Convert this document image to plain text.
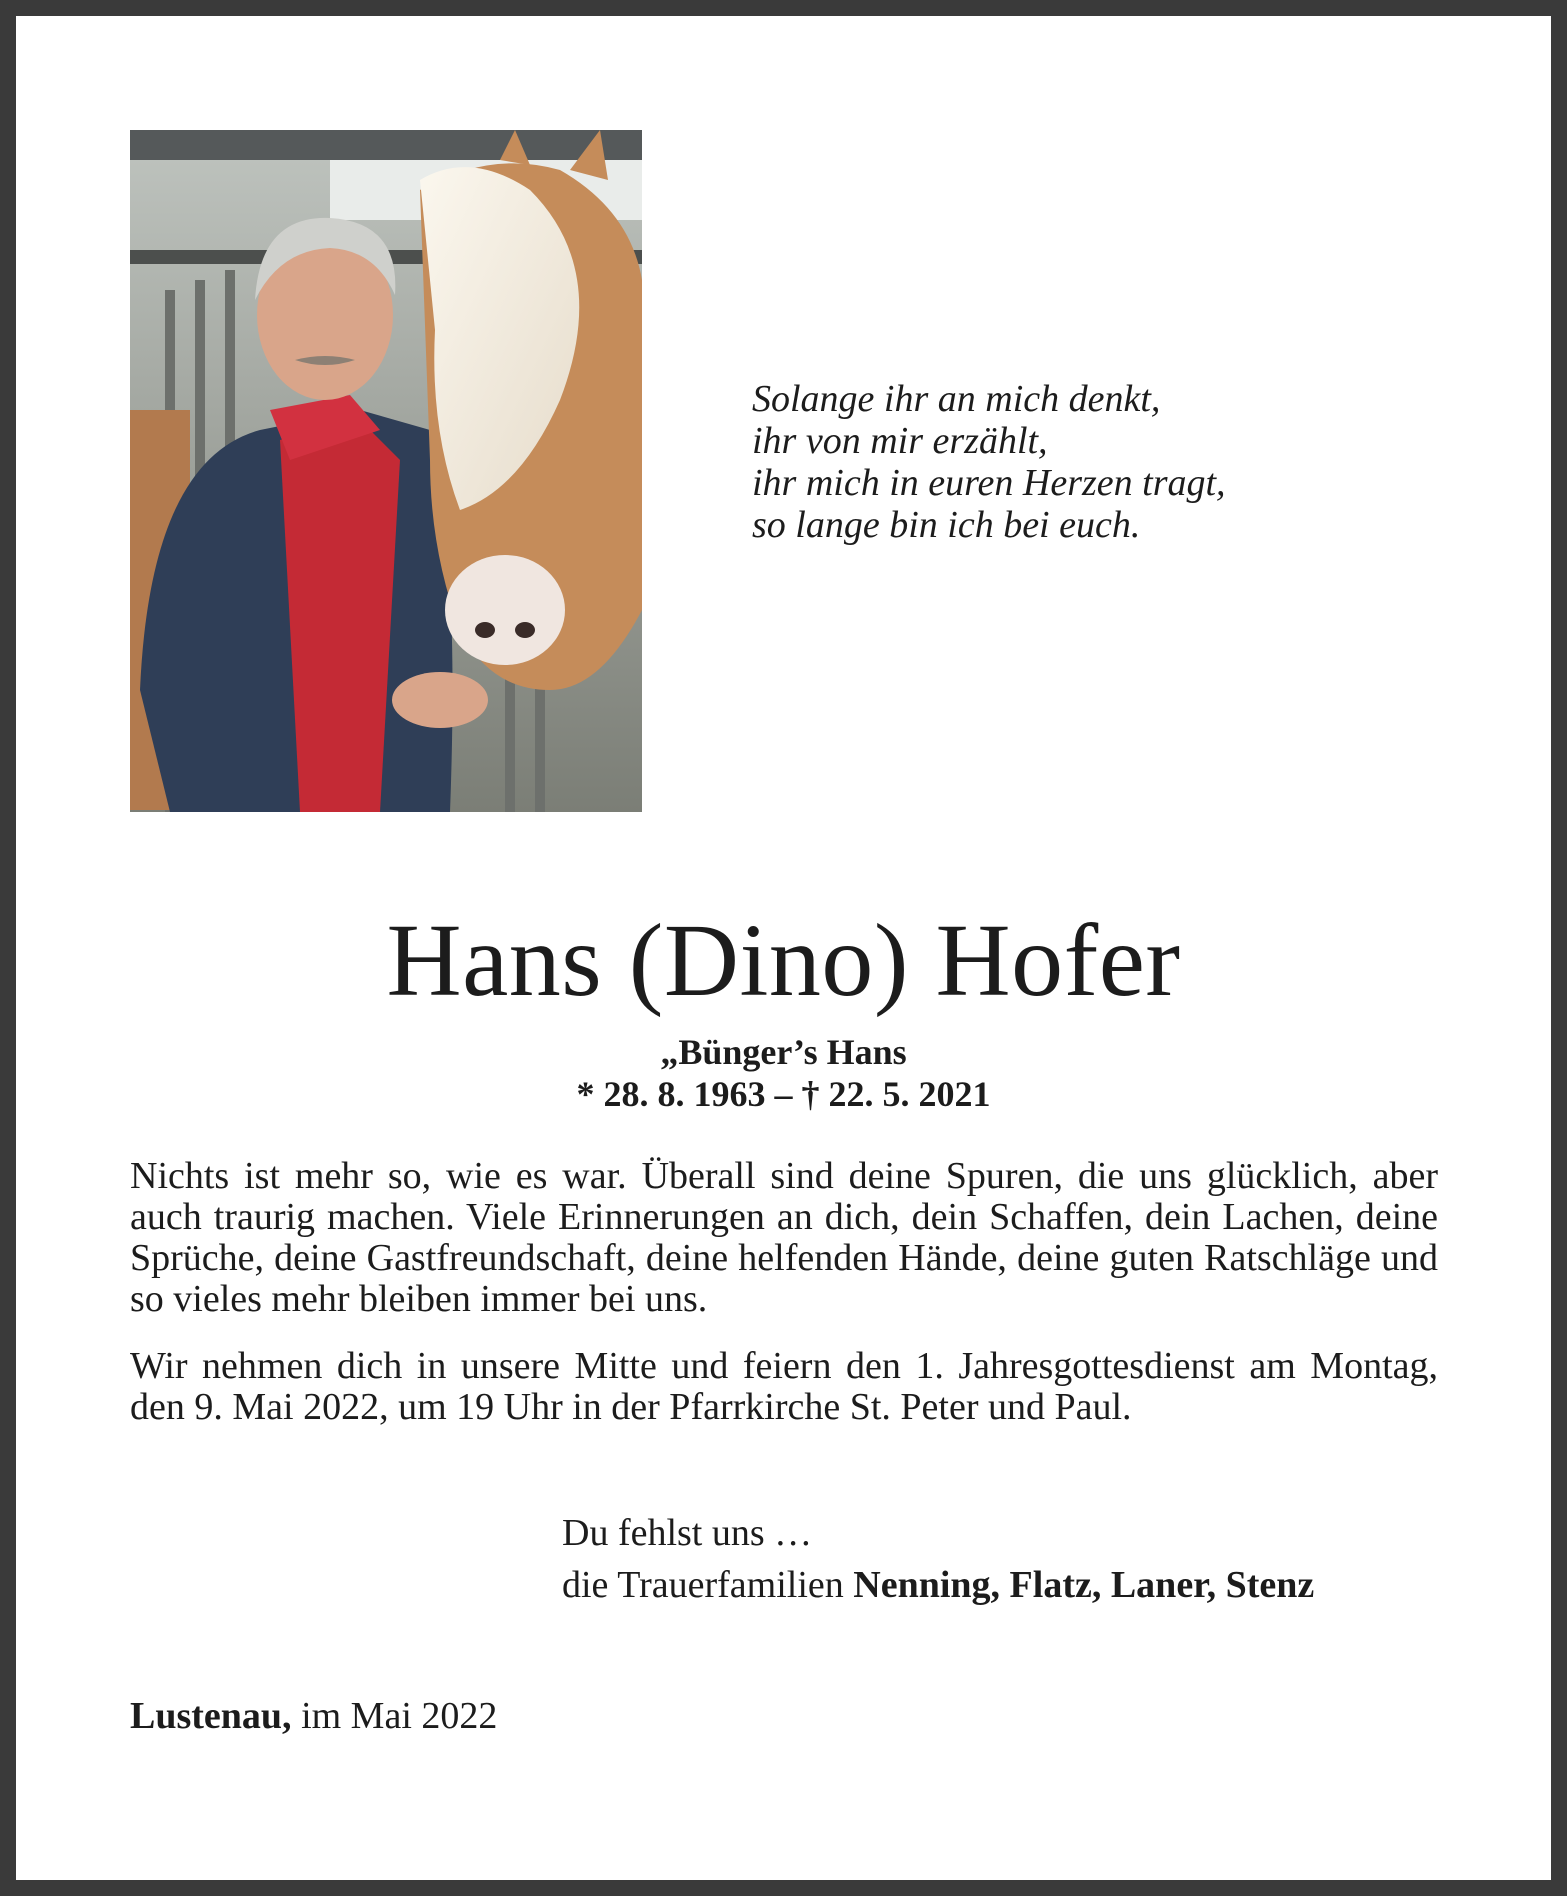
Solange ihr an mich denkt,
ihr von mir erzählt,
ihr mich in euren Herzen tragt,
so lange bin ich bei euch.
Hans (Dino) Hofer
„Bünger’s Hans
* 28. 8. 1963 – † 22. 5. 2021
Nichts ist mehr so, wie es war. Überall sind deine Spuren, die uns glücklich, aber auch traurig machen. Viele Erinnerungen an dich, dein Schaffen, dein Lachen, deine Sprüche, deine Gastfreundschaft, deine helfenden Hände, deine guten Ratschläge und so vieles mehr bleiben immer bei uns.
Wir nehmen dich in unsere Mitte und feiern den 1. Jahresgottesdienst am Montag, den 9. Mai 2022, um 19 Uhr in der Pfarrkirche St. Peter und Paul.
Du fehlst uns …
die Trauerfamilien Nenning, Flatz, Laner, Stenz
Lustenau, im Mai 2022
